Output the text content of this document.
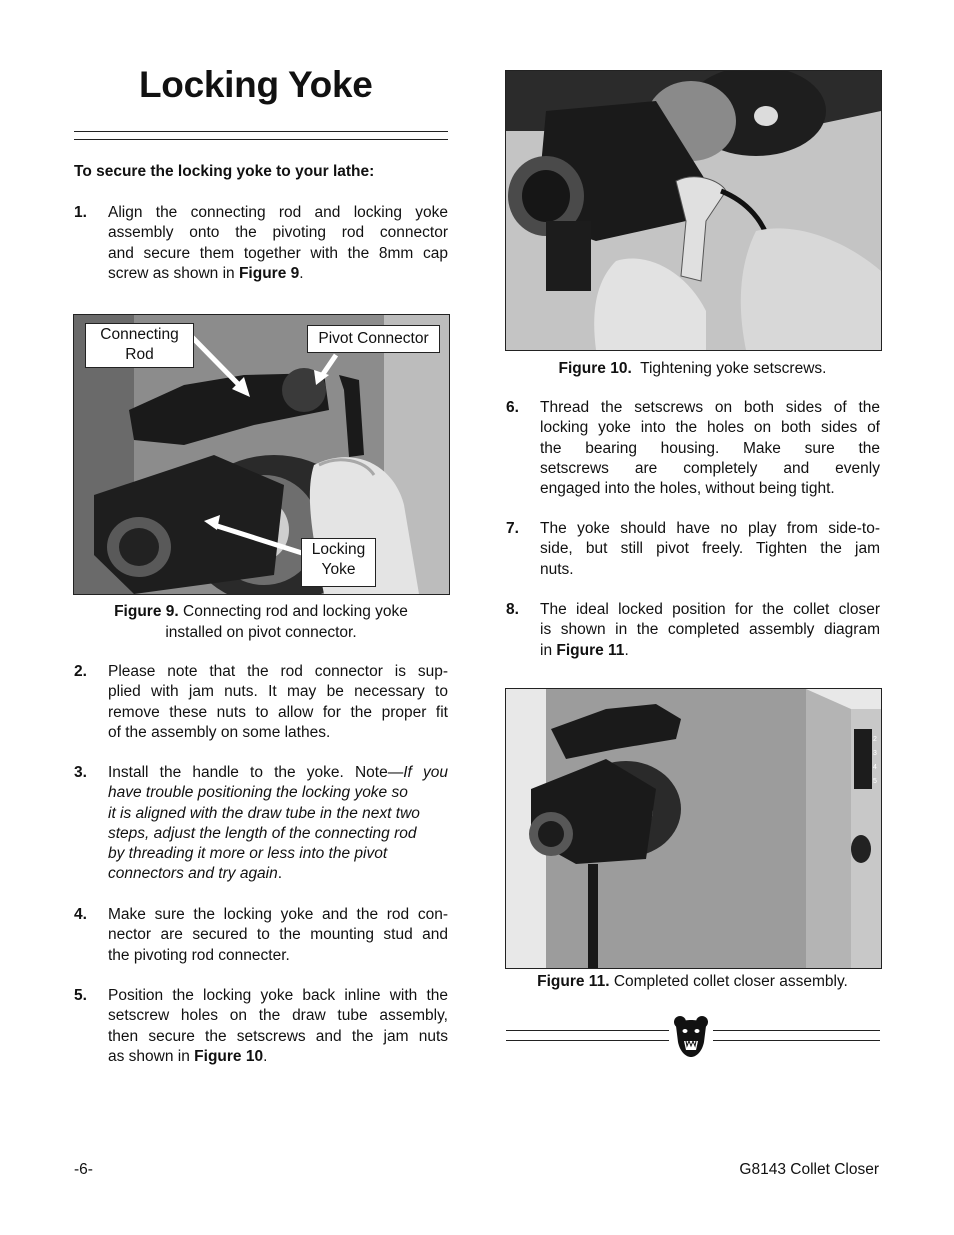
Locking Yoke
To secure the locking yoke to your lathe:
1. Align the connecting rod and locking yoke
assembly onto the pivoting rod connector
and secure them together with the 8mm cap
screw as shown in Figure 9.
Connecting
Rod
Pivot Connector
Locking
Yoke
Figure 9. Connecting rod and locking yoke
installed on pivot connector.
2. Please note that the rod connector is sup-
plied with jam nuts. It may be necessary to
remove these nuts to allow for the proper fit
of the assembly on some lathes.
3. Install the handle to the yoke. Note—If you
have trouble positioning the locking yoke so
it is aligned with the draw tube in the next two
steps, adjust the length of the connecting rod
by threading it more or less into the pivot
connectors and try again.
4. Make sure the locking yoke and the rod con-
nector are secured to the mounting stud and
the pivoting rod connecter.
5. Position the locking yoke back inline with the
setscrew holes on the draw tube assembly,
then secure the setscrews and the jam nuts
as shown in Figure 10.
Figure 10.  Tightening yoke setscrews.
6. Thread the setscrews on both sides of the
locking yoke into the holes on both sides of
the bearing housing. Make sure the
setscrews are completely and evenly
engaged into the holes, without being tight.
7. The yoke should have no play from side-to-
side, but still pivot freely. Tighten the jam
nuts.
8. The ideal locked position for the collet closer
is shown in the completed assembly diagram
in Figure 11.
2
3
4
5
Figure 11. Completed collet closer assembly.
-6-	G8143 Collet Closer
